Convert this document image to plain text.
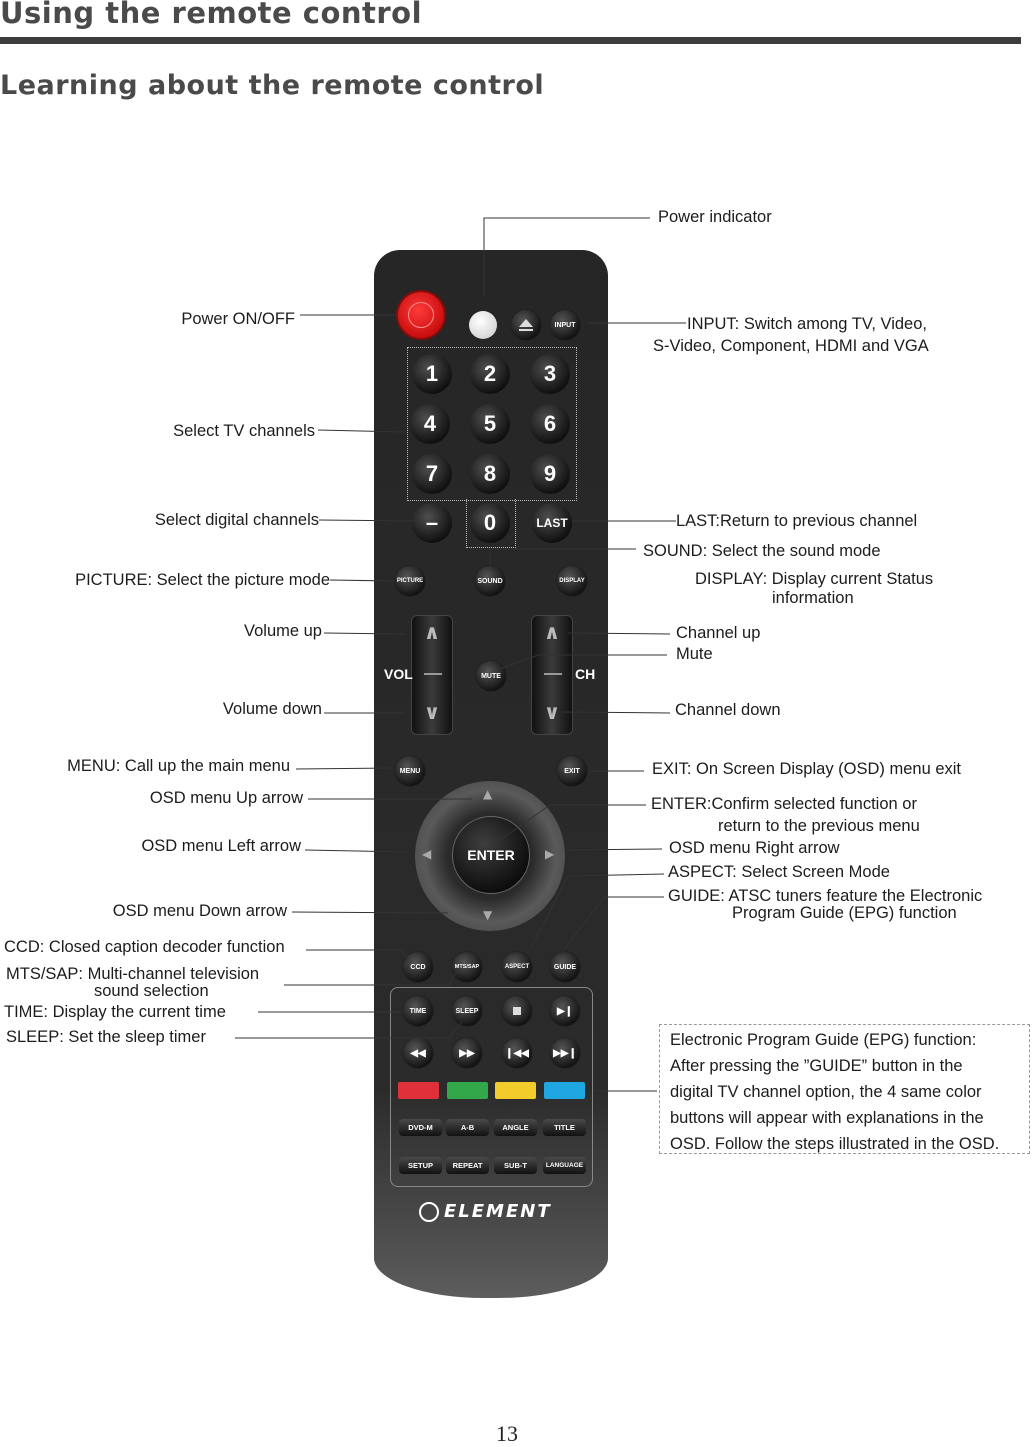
Using the remote control
Learning about the remote control
INPUT
1	2	3
4	5	6
7	8	9
–	0	LAST
PICTURE	SOUND	DISPLAY
∧
∨
VOL
∧
∨
CH
MUTE
MENU	EXIT
▲
▼
◀	▶
ENTER
CCD	MTS/SAP	ASPECT	GUIDE
TIME	SLEEP	▶❙
◀◀	▶▶	❙◀◀ ▶▶❙
DVD-M	A-B	ANGLE	TITLE
SETUP	REPEAT	SUB-T	LANGUAGE
ELEMENT
Power indicator
Power ON/OFF	INPUT: Switch among TV, Video,
S-Video, Component, HDMI and VGA
Select TV channels
Select digital channels	LAST:Return to previous channel
SOUND: Select the sound mode
PICTURE: Select the picture mode	DISPLAY: Display current Status
information
Volume up	Channel up
Mute
Volume down	Channel down
MENU: Call up the main menu	EXIT: On Screen Display (OSD) menu exit
OSD menu Up arrow	ENTER:Confirm selected function or
return to the previous menu
OSD menu Left arrow	OSD menu Right arrow
ASPECT: Select Screen Mode
OSD menu Down arrow
GUIDE: ATSC tuners feature the Electronic
Program Guide (EPG) function
CCD: Closed caption decoder function
MTS/SAP: Multi-channel television
sound selection
TIME: Display the current time
SLEEP: Set the sleep timer	Electronic Program Guide (EPG) function:
After pressing the ”GUIDE” button in the
digital TV channel option, the 4 same color
buttons will appear with explanations in the
OSD. Follow the steps illustrated in the OSD.
13
